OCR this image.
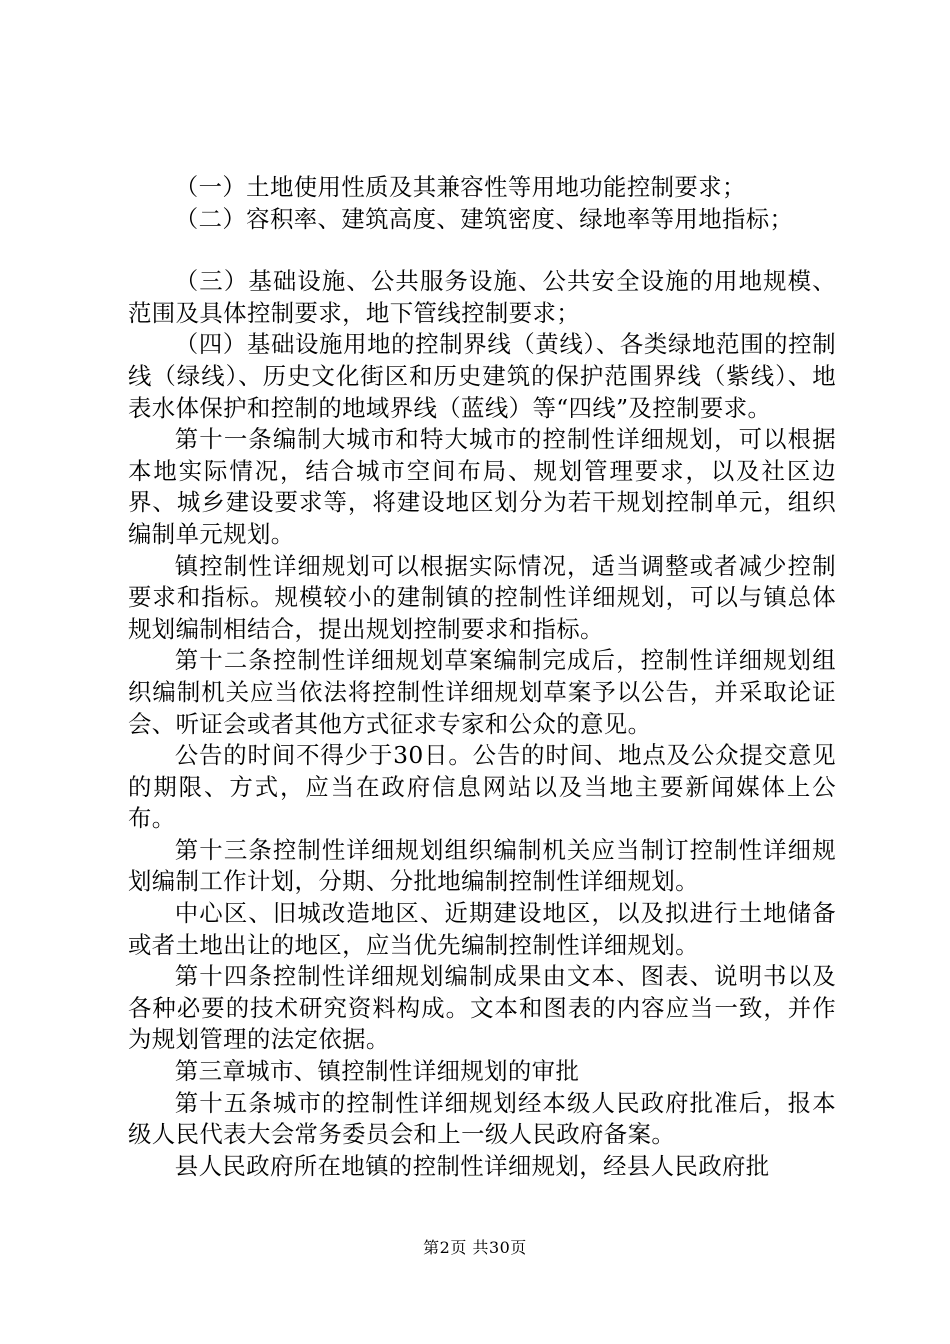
（一）土地使用性质及其兼容性等用地功能控制要求；

（二）容积率、建筑高度、建筑密度、绿地率等用地指标；

（三）基础设施、公共服务设施、公共安全设施的用地规模、范围及具体控制要求，地下管线控制要求；

（四）基础设施用地的控制界线（黄线）、各类绿地范围的控制线（绿线）、历史文化街区和历史建筑的保护范围界线（紫线）、地表水体保护和控制的地域界线（蓝线）等“四线”及控制要求。

第十一条编制大城市和特大城市的控制性详细规划，可以根据本地实际情况，结合城市空间布局、规划管理要求，以及社区边界、城乡建设要求等，将建设地区划分为若干规划控制单元，组织编制单元规划。

镇控制性详细规划可以根据实际情况，适当调整或者减少控制要求和指标。规模较小的建制镇的控制性详细规划，可以与镇总体规划编制相结合，提出规划控制要求和指标。

第十二条控制性详细规划草案编制完成后，控制性详细规划组织编制机关应当依法将控制性详细规划草案予以公告，并采取论证会、听证会或者其他方式征求专家和公众的意见。

公告的时间不得少于30日。公告的时间、地点及公众提交意见的期限、方式，应当在政府信息网站以及当地主要新闻媒体上公布。

第十三条控制性详细规划组织编制机关应当制订控制性详细规划编制工作计划，分期、分批地编制控制性详细规划。

中心区、旧城改造地区、近期建设地区，以及拟进行土地储备或者土地出让的地区，应当优先编制控制性详细规划。

第十四条控制性详细规划编制成果由文本、图表、说明书以及各种必要的技术研究资料构成。文本和图表的内容应当一致，并作为规划管理的法定依据。

第三章城市、镇控制性详细规划的审批

第十五条城市的控制性详细规划经本级人民政府批准后，报本级人民代表大会常务委员会和上一级人民政府备案。

县人民政府所在地镇的控制性详细规划，经县人民政府批

第2页 共30页
